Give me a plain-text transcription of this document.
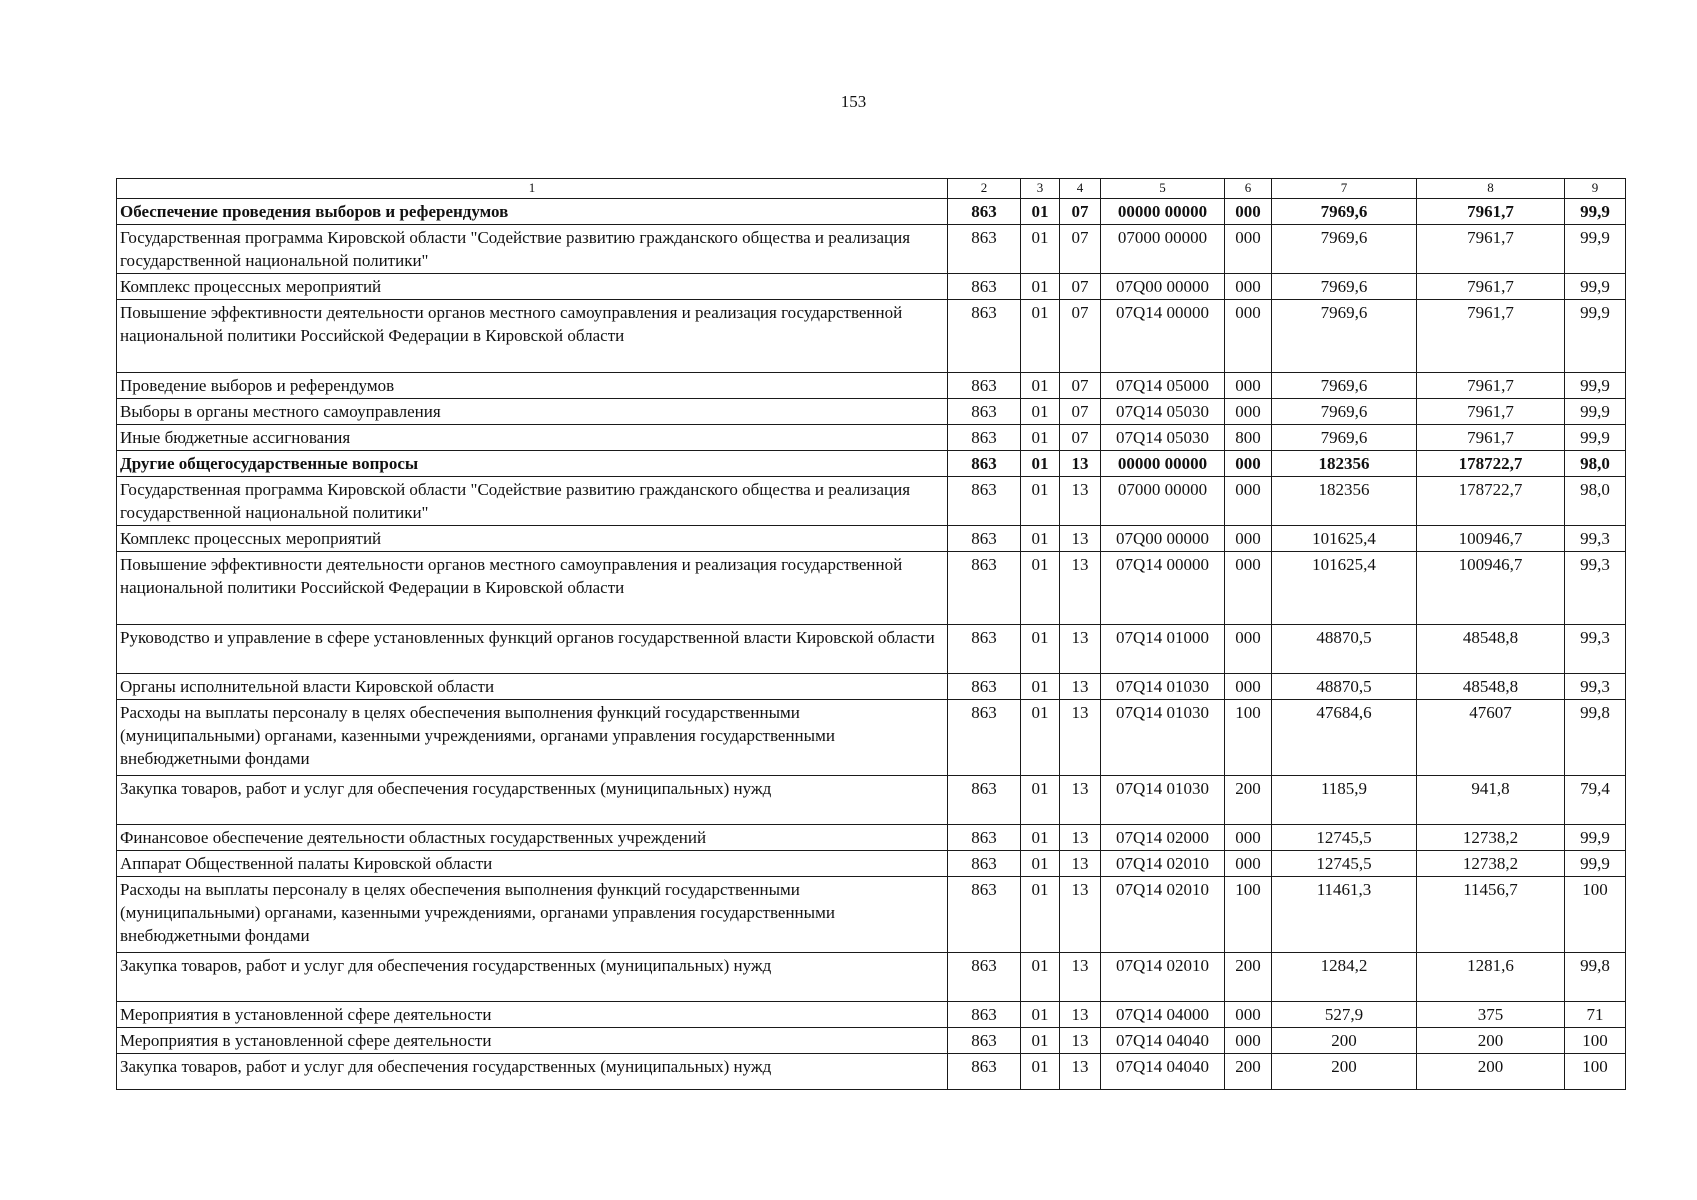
153
1	2	3	4	5	6	7	8	9
Обеспечение проведения выборов и референдумов	863	01	07	00000 00000	000	7969,6	7961,7	99,9
Государственная программа Кировской области "Содействие развитию гражданского общества и реализация государственной национальной политики"	863	01	07	07000 00000	000	7969,6	7961,7	99,9
Комплекс процессных мероприятий	863	01	07	07Q00 00000	000	7969,6	7961,7	99,9
Повышение эффективности деятельности органов местного самоуправления и реализация государственной национальной политики Российской Федерации в Кировской области	863	01	07	07Q14 00000	000	7969,6	7961,7	99,9
Проведение выборов и референдумов	863	01	07	07Q14 05000	000	7969,6	7961,7	99,9
Выборы в органы местного самоуправления	863	01	07	07Q14 05030	000	7969,6	7961,7	99,9
Иные бюджетные ассигнования	863	01	07	07Q14 05030	800	7969,6	7961,7	99,9
Другие общегосударственные вопросы	863	01	13	00000 00000	000	182356	178722,7	98,0
Государственная программа Кировской области "Содействие развитию гражданского общества и реализация государственной национальной политики"	863	01	13	07000 00000	000	182356	178722,7	98,0
Комплекс процессных мероприятий	863	01	13	07Q00 00000	000	101625,4	100946,7	99,3
Повышение эффективности деятельности органов местного самоуправления и реализация государственной национальной политики Российской Федерации в Кировской области	863	01	13	07Q14 00000	000	101625,4	100946,7	99,3
Руководство и управление в сфере установленных функций органов государственной власти Кировской области	863	01	13	07Q14 01000	000	48870,5	48548,8	99,3
Органы исполнительной власти Кировской области	863	01	13	07Q14 01030	000	48870,5	48548,8	99,3
Расходы на выплаты персоналу в целях обеспечения выполнения функций государственными (муниципальными) органами, казенными учреждениями, органами управления государственными внебюджетными фондами	863	01	13	07Q14 01030	100	47684,6	47607	99,8
Закупка товаров, работ и услуг для обеспечения государственных (муниципальных) нужд	863	01	13	07Q14 01030	200	1185,9	941,8	79,4
Финансовое обеспечение деятельности областных государственных учреждений	863	01	13	07Q14 02000	000	12745,5	12738,2	99,9
Аппарат Общественной палаты Кировской области	863	01	13	07Q14 02010	000	12745,5	12738,2	99,9
Расходы на выплаты персоналу в целях обеспечения выполнения функций государственными (муниципальными) органами, казенными учреждениями, органами управления государственными внебюджетными фондами	863	01	13	07Q14 02010	100	11461,3	11456,7	100
Закупка товаров, работ и услуг для обеспечения государственных (муниципальных) нужд	863	01	13	07Q14 02010	200	1284,2	1281,6	99,8
Мероприятия в установленной сфере деятельности	863	01	13	07Q14 04000	000	527,9	375	71
Мероприятия в установленной сфере деятельности	863	01	13	07Q14 04040	000	200	200	100
Закупка товаров, работ и услуг для обеспечения государственных (муниципальных) нужд	863	01	13	07Q14 04040	200	200	200	100
